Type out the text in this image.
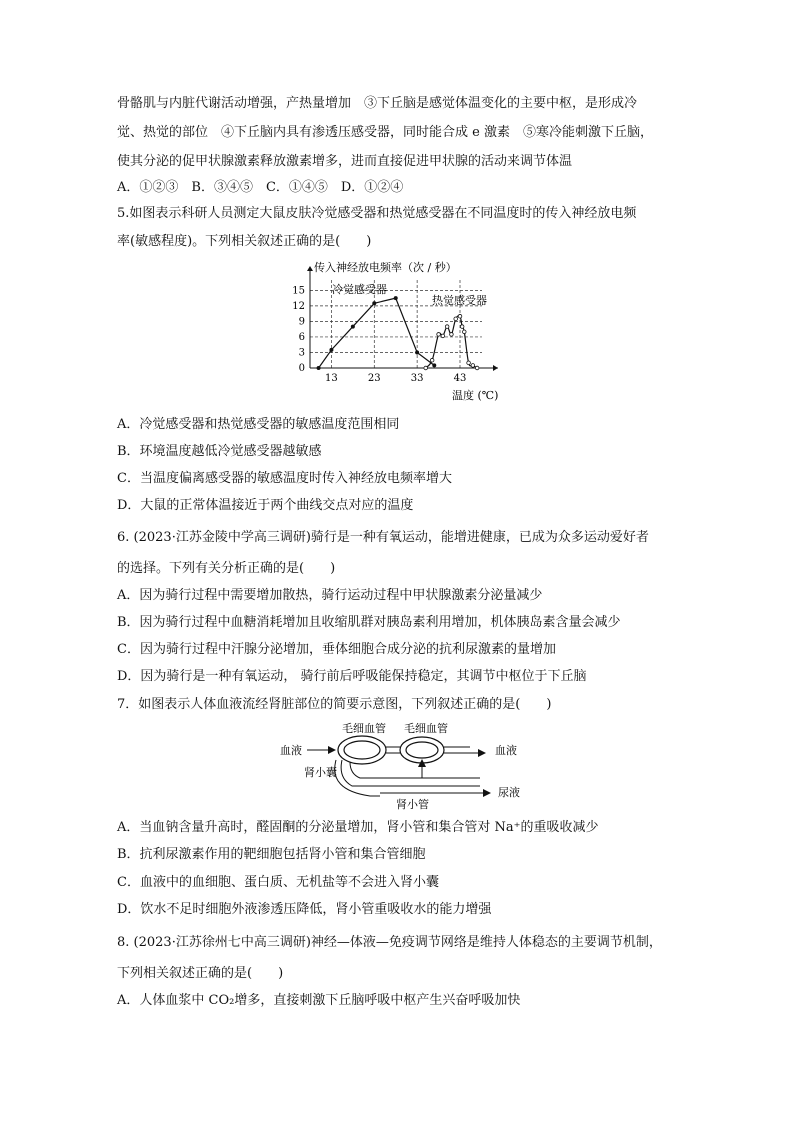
骨骼肌与内脏代谢活动增强，产热量增加　③下丘脑是感觉体温变化的主要中枢，是形成冷
觉、热觉的部位　④下丘脑内具有渗透压感受器，同时能合成 e 激素　⑤寒冷能刺激下丘脑，
使其分泌的促甲状腺激素释放激素增多，进而直接促进甲状腺的活动来调节体温
A．①②③　B．③④⑤　C．①④⑤　D．①②④
5.如图表示科研人员测定大鼠皮肤冷觉感受器和热觉感受器在不同温度时的传入神经放电频
率(敏感程度)。下列相关叙述正确的是(　　)
0
3
6
9
12
15
13	23	33	43
传入神经放电频率（次 / 秒）
温度 (℃)
冷觉感受器
热觉感受器
A．冷觉感受器和热觉感受器的敏感温度范围相同
B．环境温度越低冷觉感受器越敏感
C．当温度偏离感受器的敏感温度时传入神经放电频率增大
D．大鼠的正常体温接近于两个曲线交点对应的温度
6. (2023·江苏金陵中学高三调研)骑行是一种有氧运动，能增进健康，已成为众多运动爱好者
的选择。下列有关分析正确的是(　　)
A．因为骑行过程中需要增加散热，骑行运动过程中甲状腺激素分泌量减少
B．因为骑行过程中血糖消耗增加且收缩肌群对胰岛素利用增加，机体胰岛素含量会减少
C．因为骑行过程中汗腺分泌增加，垂体细胞合成分泌的抗利尿激素的量增加
D．因为骑行是一种有氧运动， 骑行前后呼吸能保持稳定，其调节中枢位于下丘脑
7．如图表示人体血液流经肾脏部位的简要示意图，下列叙述正确的是(　　)
毛细血管 毛细血管
血液	血液
肾小囊
肾小管
尿液
A．当血钠含量升高时，醛固酮的分泌量增加，肾小管和集合管对 Na⁺的重吸收减少
B．抗利尿激素作用的靶细胞包括肾小管和集合管细胞
C．血液中的血细胞、蛋白质、无机盐等不会进入肾小囊
D．饮水不足时细胞外液渗透压降低，肾小管重吸收水的能力增强
8. (2023·江苏徐州七中高三调研)神经—体液—免疫调节网络是维持人体稳态的主要调节机制，
下列相关叙述正确的是(　　)
A．人体血浆中 CO₂增多，直接刺激下丘脑呼吸中枢产生兴奋呼吸加快
